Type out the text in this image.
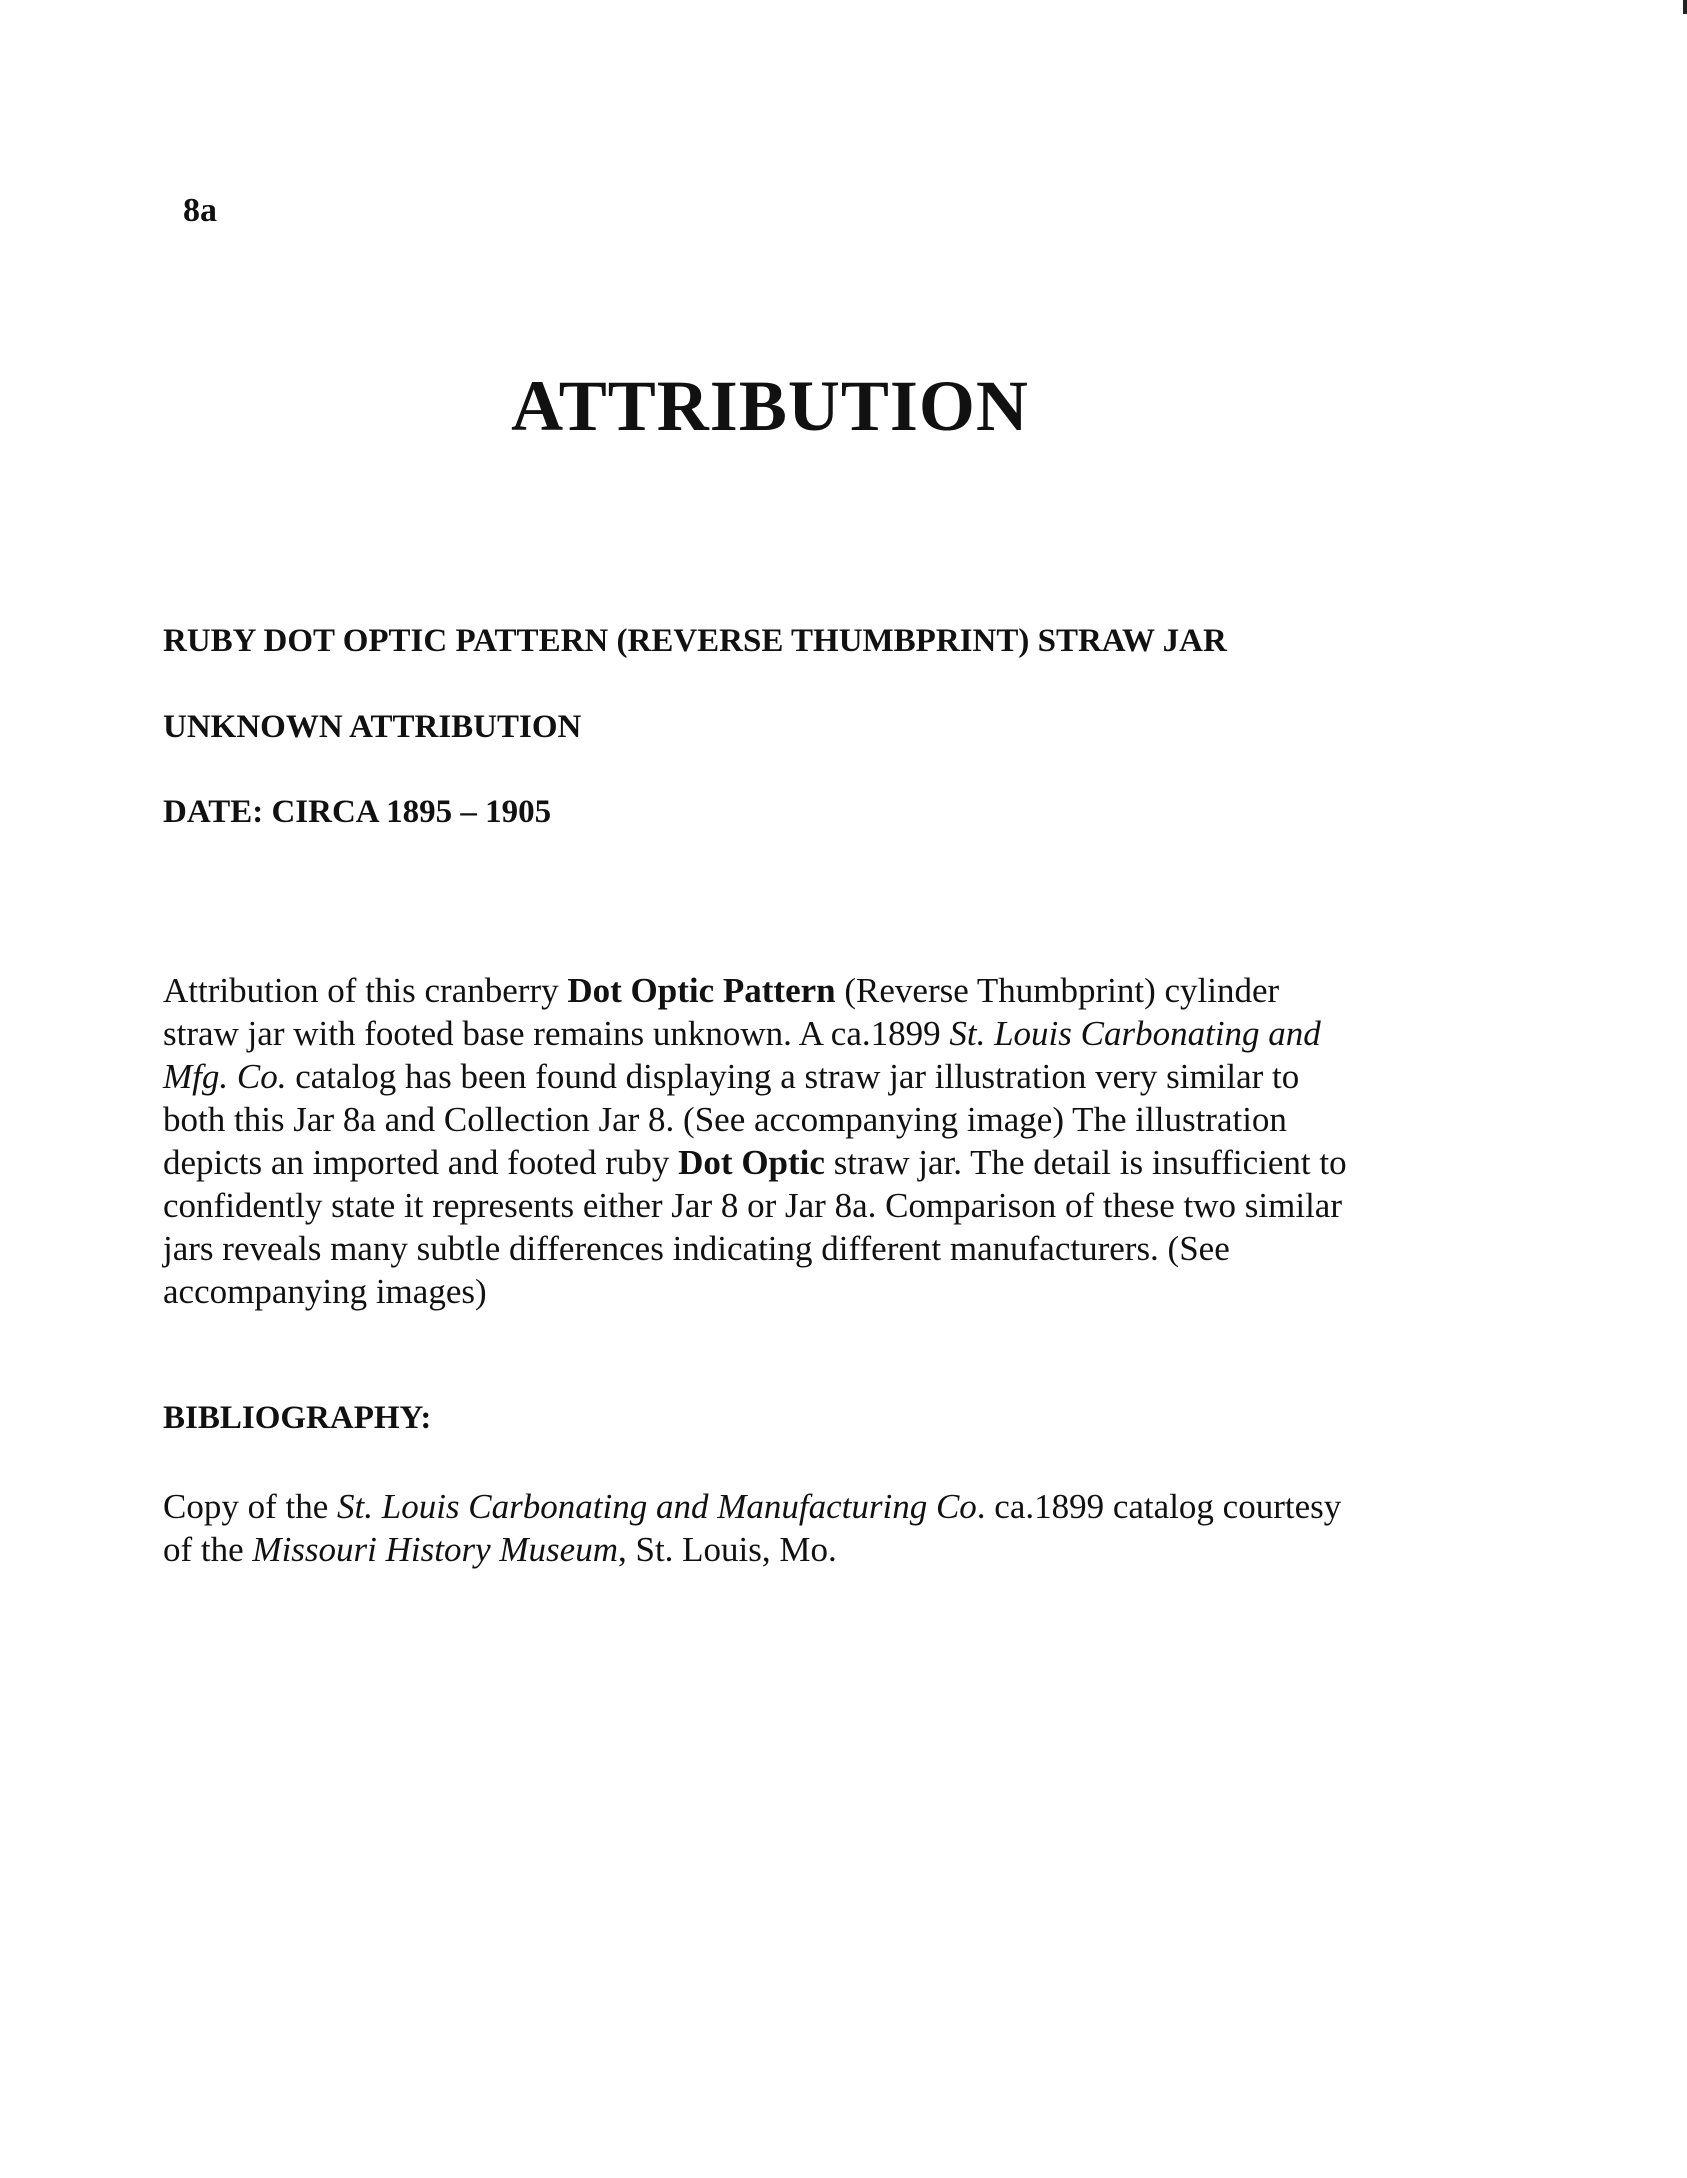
8a
ATTRIBUTION
RUBY DOT OPTIC PATTERN (REVERSE THUMBPRINT) STRAW JAR
UNKNOWN ATTRIBUTION
DATE: CIRCA 1895 – 1905
Attribution of this cranberry Dot Optic Pattern (Reverse Thumbprint) cylinder
straw jar with footed base remains unknown. A ca.1899 St. Louis Carbonating and
Mfg. Co. catalog has been found displaying a straw jar illustration very similar to
both this Jar 8a and Collection Jar 8. (See accompanying image) The illustration
depicts an imported and footed ruby Dot Optic straw jar. The detail is insufficient to
confidently state it represents either Jar 8 or Jar 8a. Comparison of these two similar
jars reveals many subtle differences indicating different manufacturers. (See
accompanying images)
BIBLIOGRAPHY:
Copy of the St. Louis Carbonating and Manufacturing Co. ca.1899 catalog courtesy
of the Missouri History Museum, St. Louis, Mo.
